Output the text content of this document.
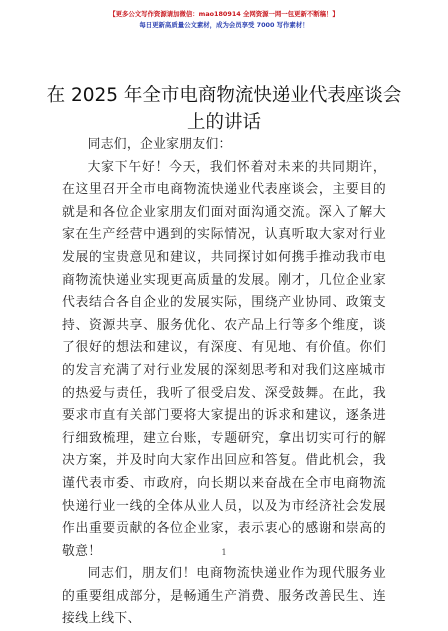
【更多公文写作资源请加微信：mao180914 全网资源一网一包更新不断稿！】
每日更新高质量公文素材，成为会员享受 7000 写作素材！
在 2025 年全市电商物流快递业代表座谈会上的讲话

同志们，企业家朋友们：

大家下午好！今天，我们怀着对未来的共同期许，在这里召开全市电商物流快递业代表座谈会，主要目的就是和各位企业家朋友们面对面沟通交流。深入了解大家在生产经营中遇到的实际情况，认真听取大家对行业发展的宝贵意见和建议，共同探讨如何携手推动我市电商物流快递业实现更高质量的发展。刚才，几位企业家代表结合各自企业的发展实际，围绕产业协同、政策支持、资源共享、服务优化、农产品上行等多个维度，谈了很好的想法和建议，有深度、有见地、有价值。你们的发言充满了对行业发展的深刻思考和对我们这座城市的热爱与责任，我听了很受启发、深受鼓舞。在此，我要求市直有关部门要将大家提出的诉求和建议，逐条进行细致梳理，建立台账，专题研究，拿出切实可行的解决方案，并及时向大家作出回应和答复。借此机会，我谨代表市委、市政府，向长期以来奋战在全市电商物流快递行业一线的全体从业人员，以及为市经济社会发展作出重要贡献的各位企业家，表示衷心的感谢和崇高的敬意！

同志们，朋友们！电商物流快递业作为现代服务业的重要组成部分，是畅通生产消费、服务改善民生、连接线上线下、

1
